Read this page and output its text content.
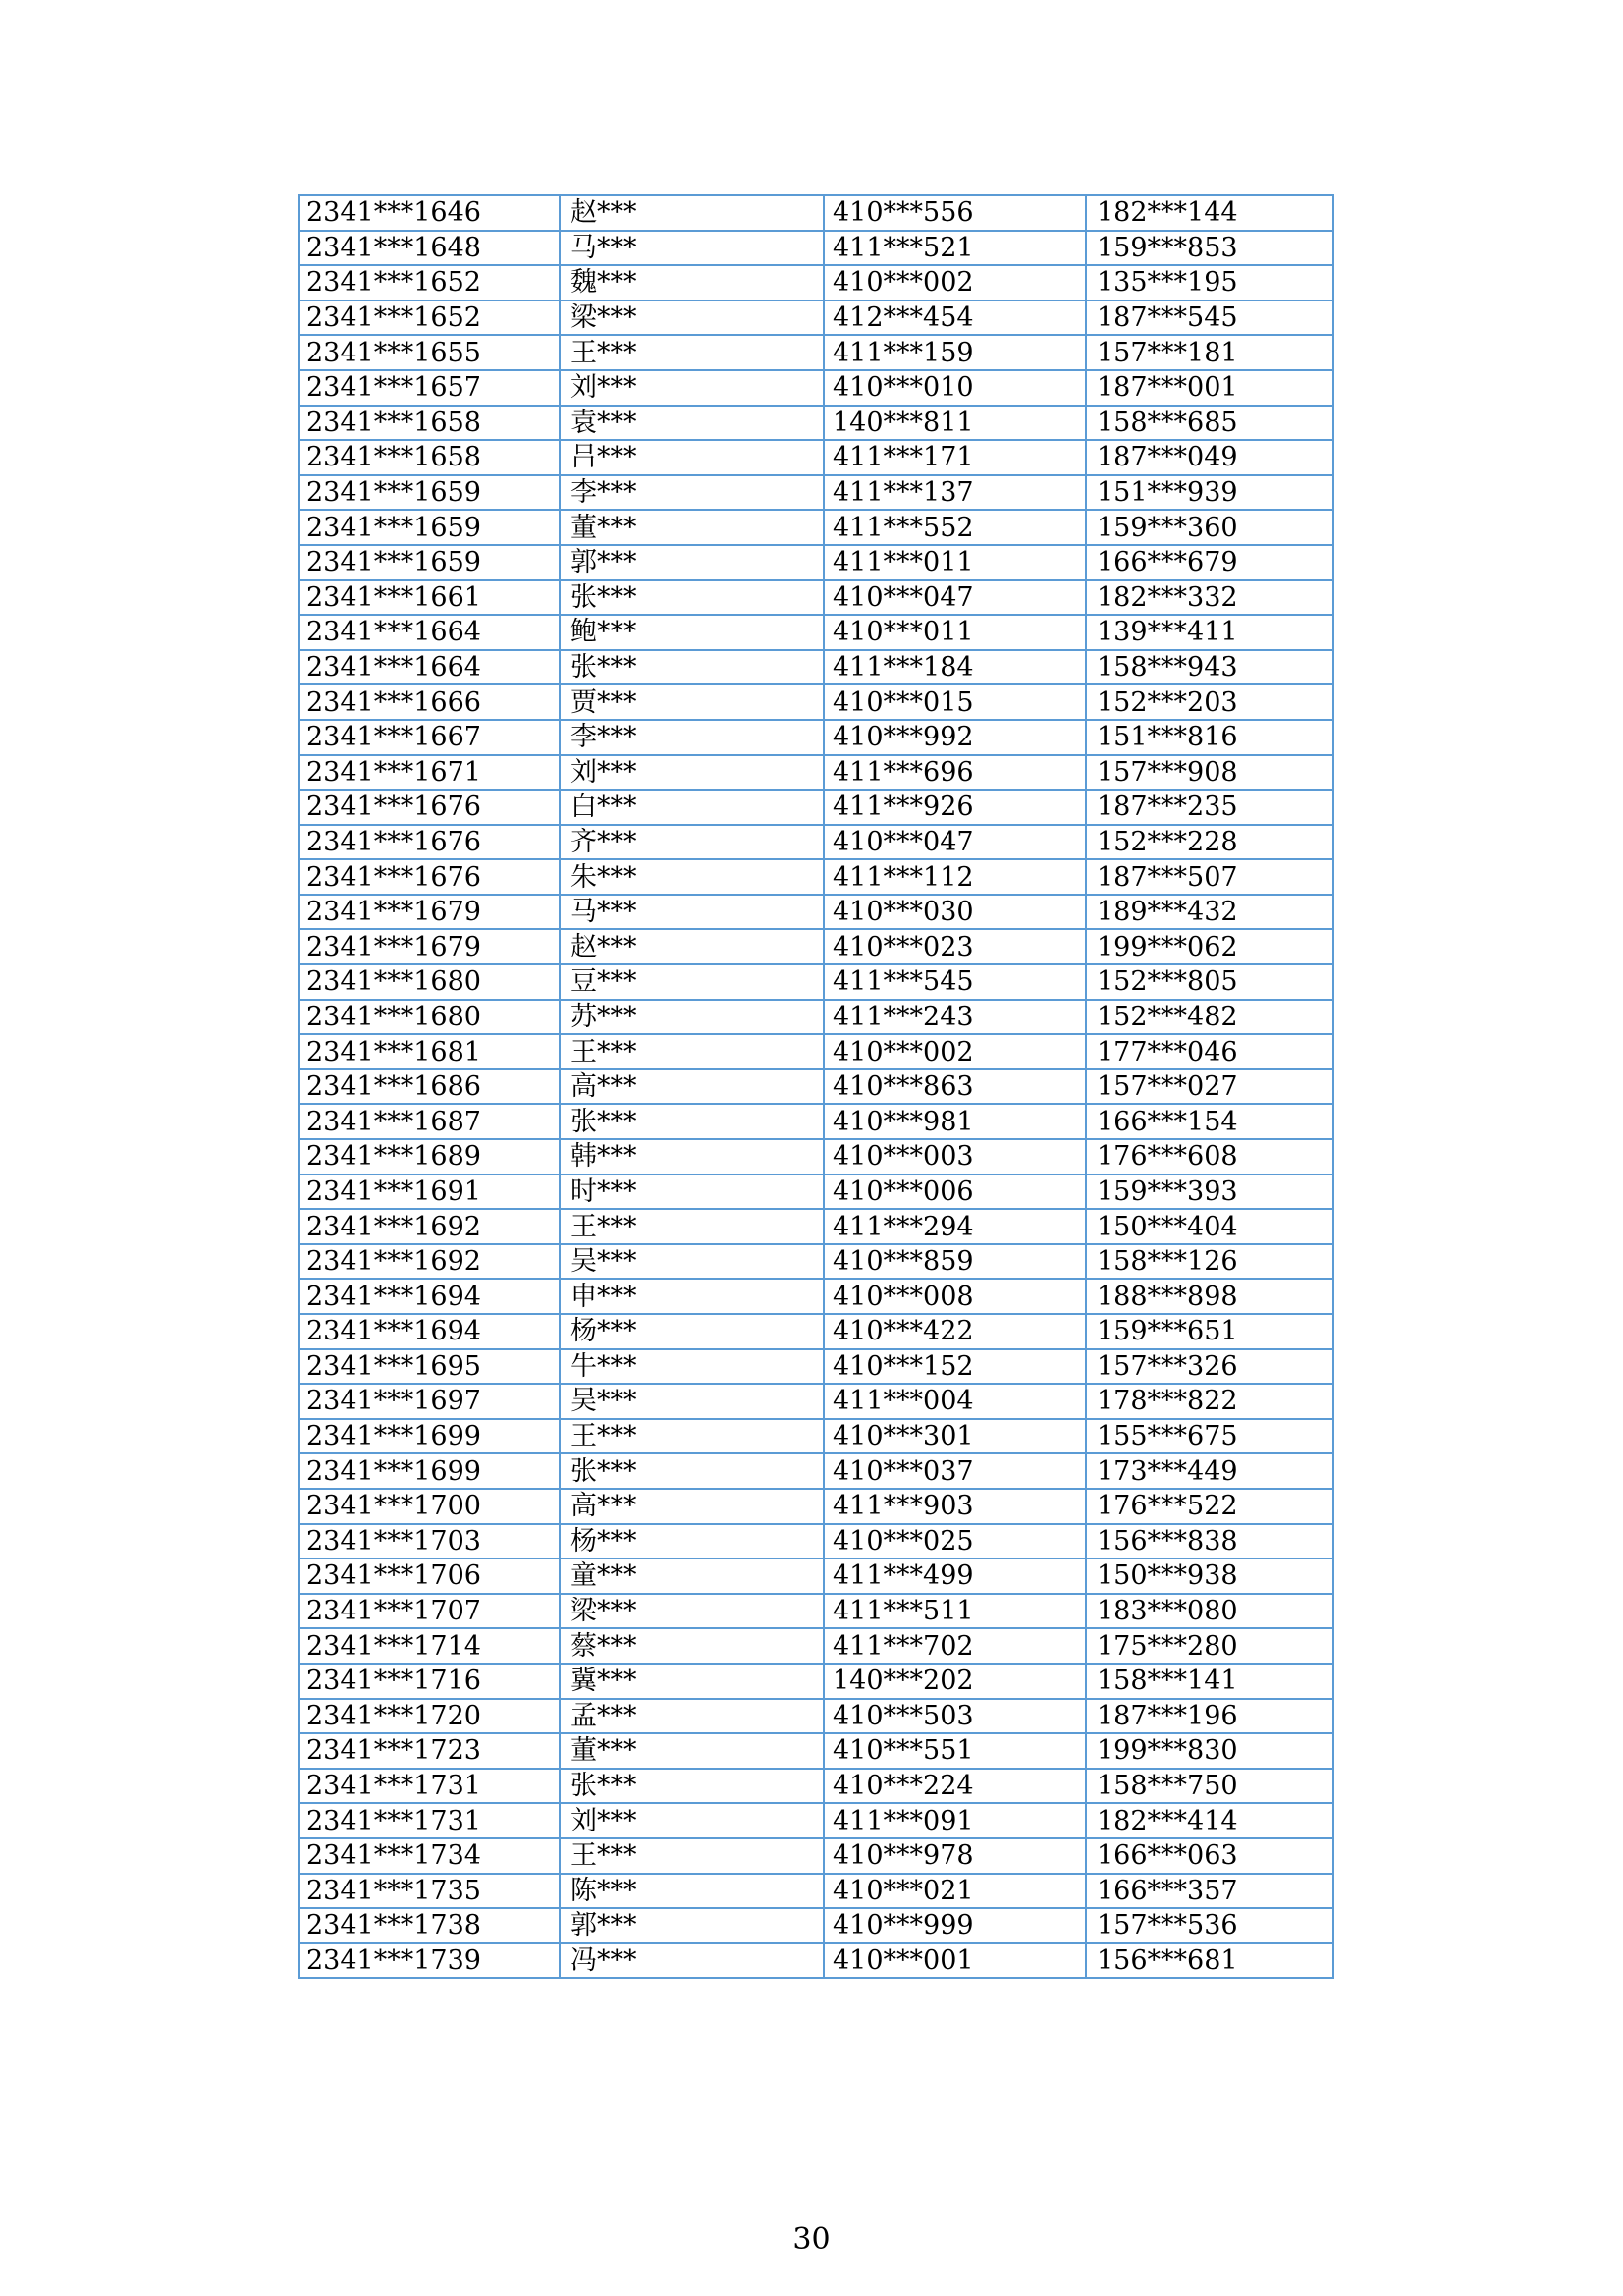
2341***1646	赵***	410***556	182***144
2341***1648	马***	411***521	159***853
2341***1652	魏***	410***002	135***195
2341***1652	梁***	412***454	187***545
2341***1655	王***	411***159	157***181
2341***1657	刘***	410***010	187***001
2341***1658	袁***	140***811	158***685
2341***1658	吕***	411***171	187***049
2341***1659	李***	411***137	151***939
2341***1659	董***	411***552	159***360
2341***1659	郭***	411***011	166***679
2341***1661	张***	410***047	182***332
2341***1664	鲍***	410***011	139***411
2341***1664	张***	411***184	158***943
2341***1666	贾***	410***015	152***203
2341***1667	李***	410***992	151***816
2341***1671	刘***	411***696	157***908
2341***1676	白***	411***926	187***235
2341***1676	齐***	410***047	152***228
2341***1676	朱***	411***112	187***507
2341***1679	马***	410***030	189***432
2341***1679	赵***	410***023	199***062
2341***1680	豆***	411***545	152***805
2341***1680	苏***	411***243	152***482
2341***1681	王***	410***002	177***046
2341***1686	高***	410***863	157***027
2341***1687	张***	410***981	166***154
2341***1689	韩***	410***003	176***608
2341***1691	时***	410***006	159***393
2341***1692	王***	411***294	150***404
2341***1692	吴***	410***859	158***126
2341***1694	申***	410***008	188***898
2341***1694	杨***	410***422	159***651
2341***1695	牛***	410***152	157***326
2341***1697	吴***	411***004	178***822
2341***1699	王***	410***301	155***675
2341***1699	张***	410***037	173***449
2341***1700	高***	411***903	176***522
2341***1703	杨***	410***025	156***838
2341***1706	童***	411***499	150***938
2341***1707	梁***	411***511	183***080
2341***1714	蔡***	411***702	175***280
2341***1716	冀***	140***202	158***141
2341***1720	孟***	410***503	187***196
2341***1723	董***	410***551	199***830
2341***1731	张***	410***224	158***750
2341***1731	刘***	411***091	182***414
2341***1734	王***	410***978	166***063
2341***1735	陈***	410***021	166***357
2341***1738	郭***	410***999	157***536
2341***1739	冯***	410***001	156***681
30
